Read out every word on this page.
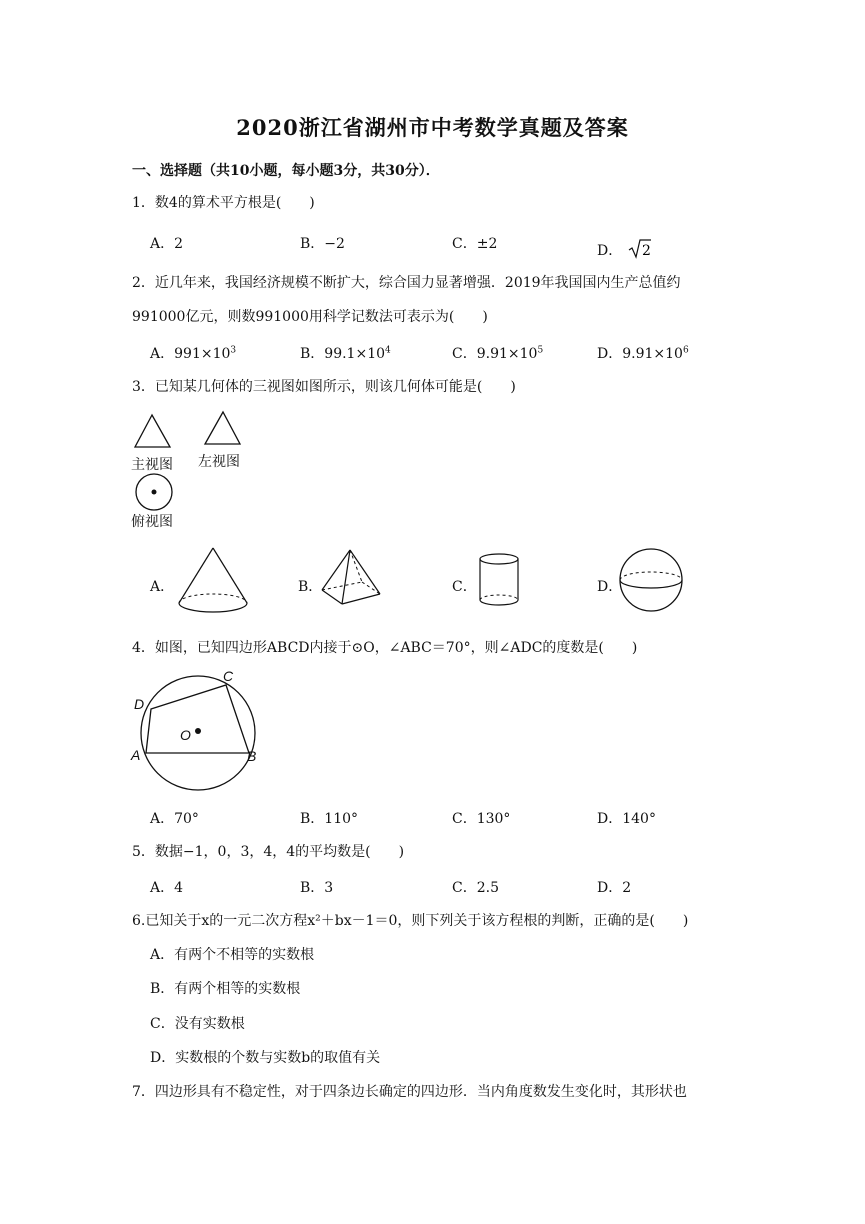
2020浙江省湖州市中考数学真题及答案
一、选择题（共10小题，每小题3分，共30分）．
1．数4的算术平方根是(　　)
A．2	B．−2	C．±2	D． 2
2．近几年来，我国经济规模不断扩大，综合国力显著增强．2019年我国国内生产总值约
991000亿元，则数991000用科学记数法可表示为(　　)
A．$991\times 10^3$	B．$99.1\times 10^4$	C．$9.91\times 10^5$	D．$9.91\times 10^6$
3．已知某几何体的三视图如图所示，则该几何体可能是(　　)
主视图 左视图
俯视图
A．	B．	C．	D．
4．如图，已知四边形ABCD内接于⊙O，∠ABC＝70°，则∠ADC的度数是(　　)
A	B
C
D
O
A．70°	B．110°	C．130°	D．140°
5．数据−1，0，3，4，4的平均数是(　　)
A．4	B．3	C．2.5	D．2
6.已知关于x的一元二次方程x²＋bx－1＝0，则下列关于该方程根的判断，正确的是(　　)
A．有两个不相等的实数根
B．有两个相等的实数根
C．没有实数根
D．实数根的个数与实数b的取值有关
7．四边形具有不稳定性，对于四条边长确定的四边形．当内角度数发生变化时，其形状也
